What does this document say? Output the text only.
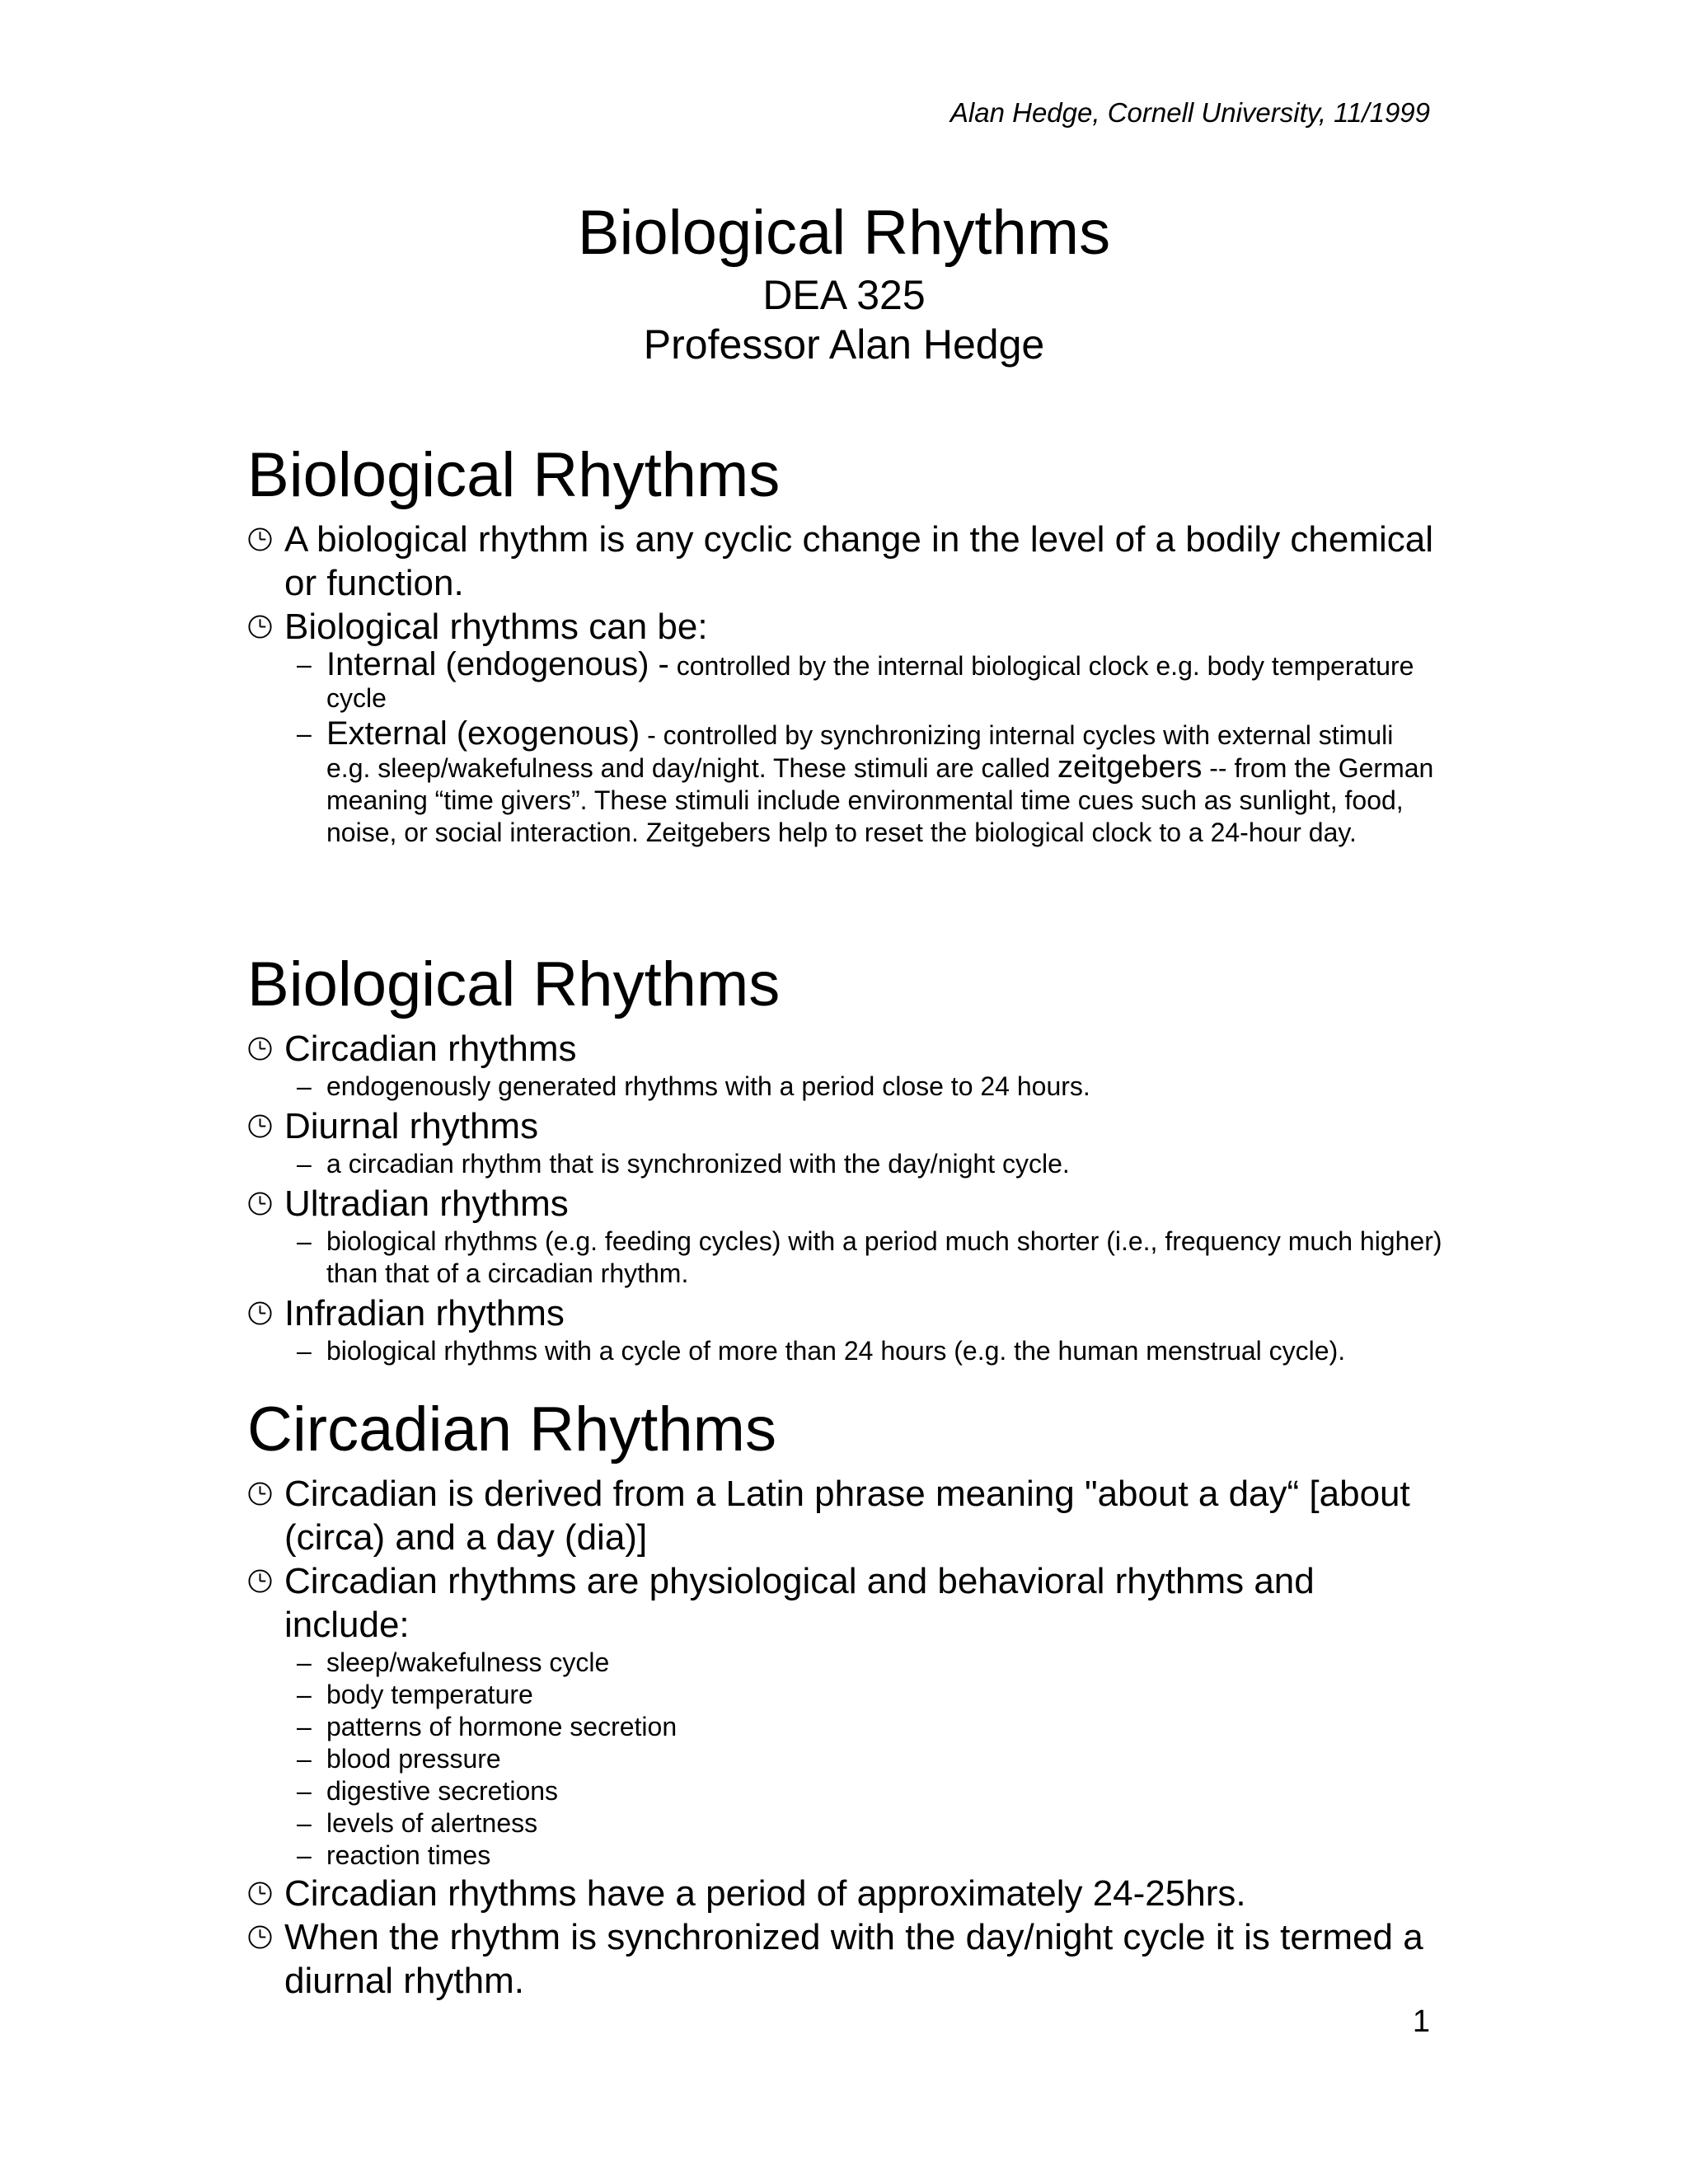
Alan Hedge, Cornell University, 11/1999
Biological Rhythms
DEA 325
Professor Alan Hedge
Biological Rhythms
A biological rhythm is any cyclic change in the level of a bodily chemical or function.
Biological rhythms can be:
– Internal (endogenous) - controlled by the internal biological clock e.g. body temperature cycle
– External (exogenous) - controlled by synchronizing internal cycles with external stimuli e.g. sleep/wakefulness and day/night. These stimuli are called zeitgebers -- from the German meaning “time givers”. These stimuli include environmental time cues such as sunlight, food, noise, or social interaction. Zeitgebers help to reset the biological clock to a 24-hour day.
Biological Rhythms
Circadian rhythms
– endogenously generated rhythms with a period close to 24 hours.
Diurnal rhythms
– a circadian rhythm that is synchronized with the day/night cycle.
Ultradian rhythms
– biological rhythms (e.g. feeding cycles) with a period much shorter (i.e., frequency much higher) than that of a circadian rhythm.
Infradian rhythms
– biological rhythms with a cycle of more than 24 hours (e.g. the human menstrual cycle).
Circadian Rhythms
Circadian is derived from a Latin phrase meaning "about a day“ [about (circa) and a day (dia)]
Circadian rhythms are physiological and behavioral rhythms and include:
– sleep/wakefulness cycle
– body temperature
– patterns of hormone secretion
– blood pressure
– digestive secretions
– levels of alertness
– reaction times
Circadian rhythms have a period of approximately 24-25hrs.
When the rhythm is synchronized with the day/night cycle it is termed a diurnal rhythm.
1
